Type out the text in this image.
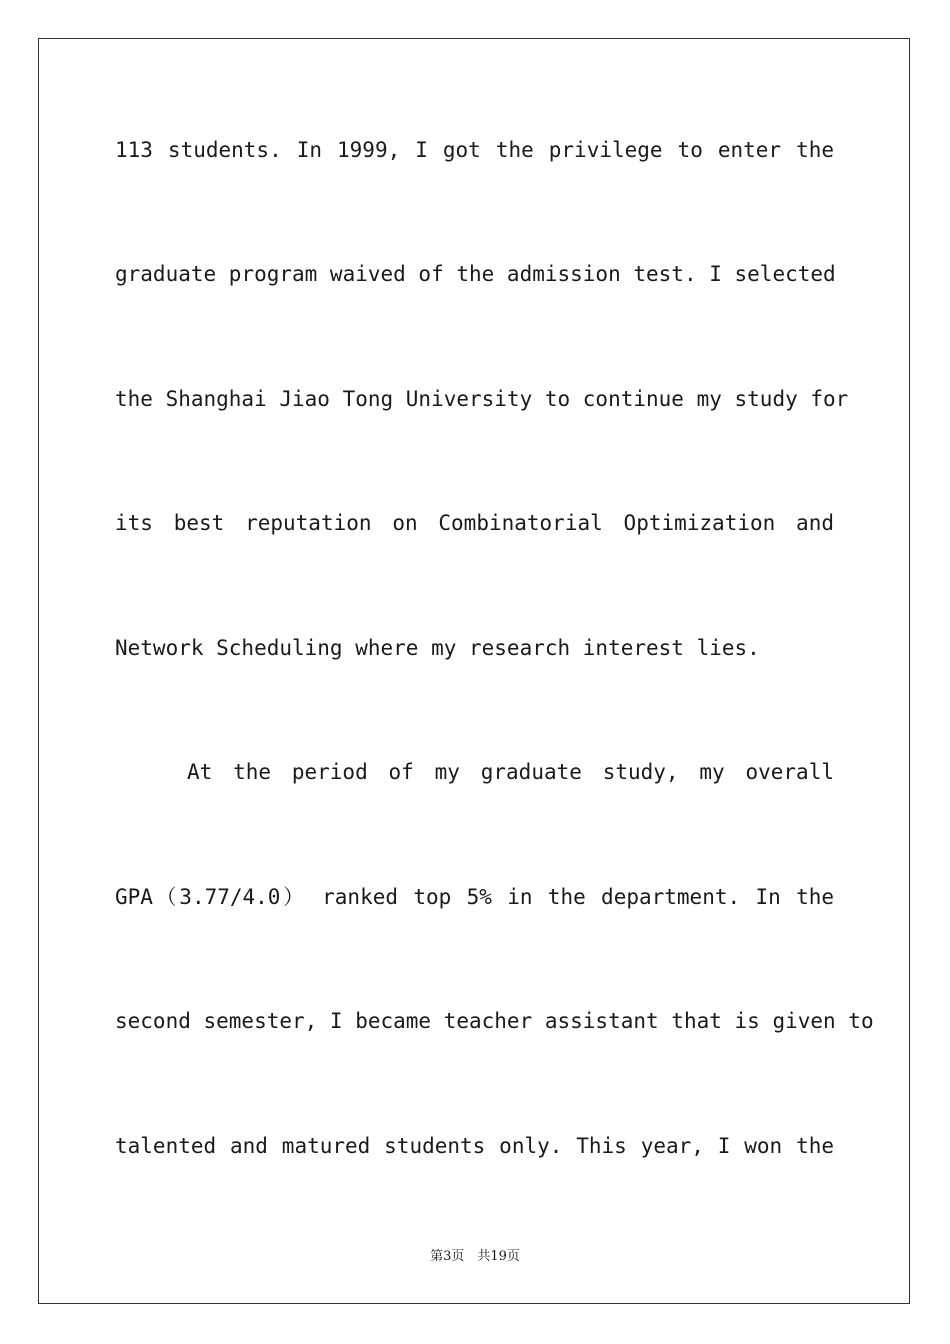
113 students. In 1999, I got the privilege to enter the
graduate program waived of the admission test. I selected
the Shanghai Jiao Tong University to continue my study for
its best reputation on Combinatorial Optimization and
Network Scheduling where my research interest lies.
At the period of my graduate study, my overall
GPA（3.77/4.0） ranked top 5% in the department. In the
second semester, I became teacher assistant that is given to
talented and matured students only. This year, I won the
第3页　共19页
